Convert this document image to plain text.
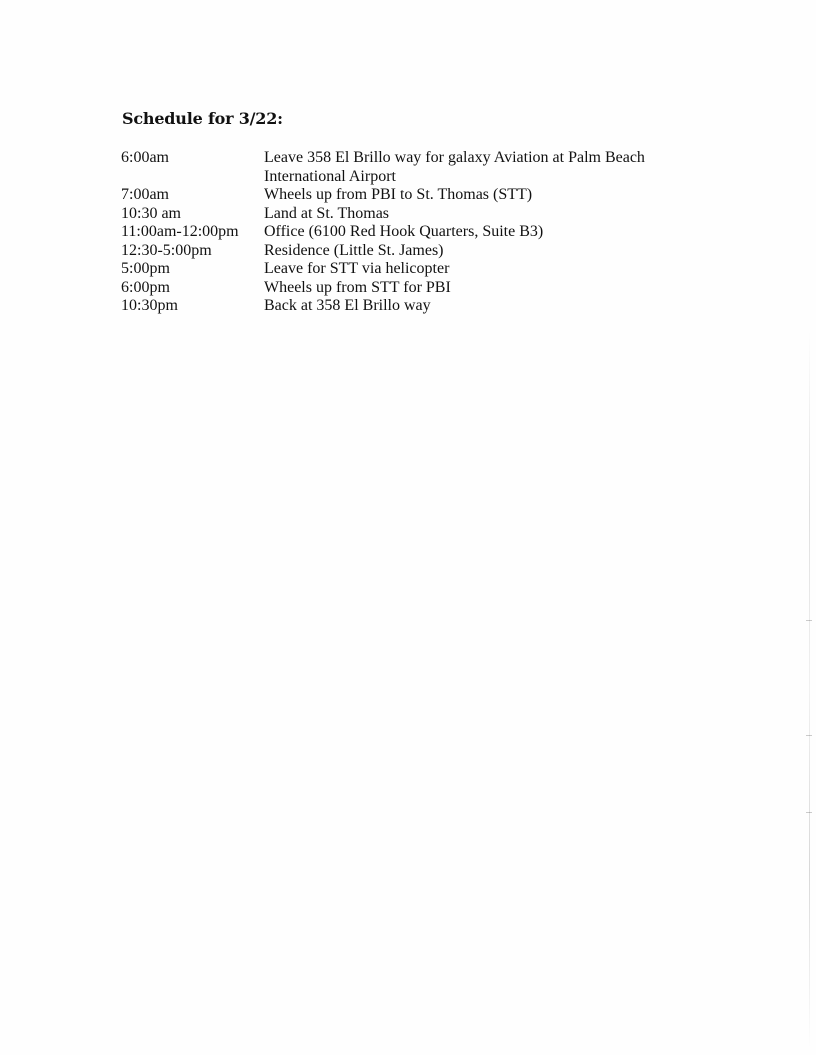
Schedule for 3/22:
6:00am	Leave 358 El Brillo way for galaxy Aviation at Palm Beach International Airport
7:00am	Wheels up from PBI to St. Thomas (STT)
10:30 am	Land at St. Thomas
11:00am-12:00pm	Office (6100 Red Hook Quarters, Suite B3)
12:30-5:00pm	Residence (Little St. James)
5:00pm	Leave for STT via helicopter
6:00pm	Wheels up from STT for PBI
10:30pm	Back at 358 El Brillo way
